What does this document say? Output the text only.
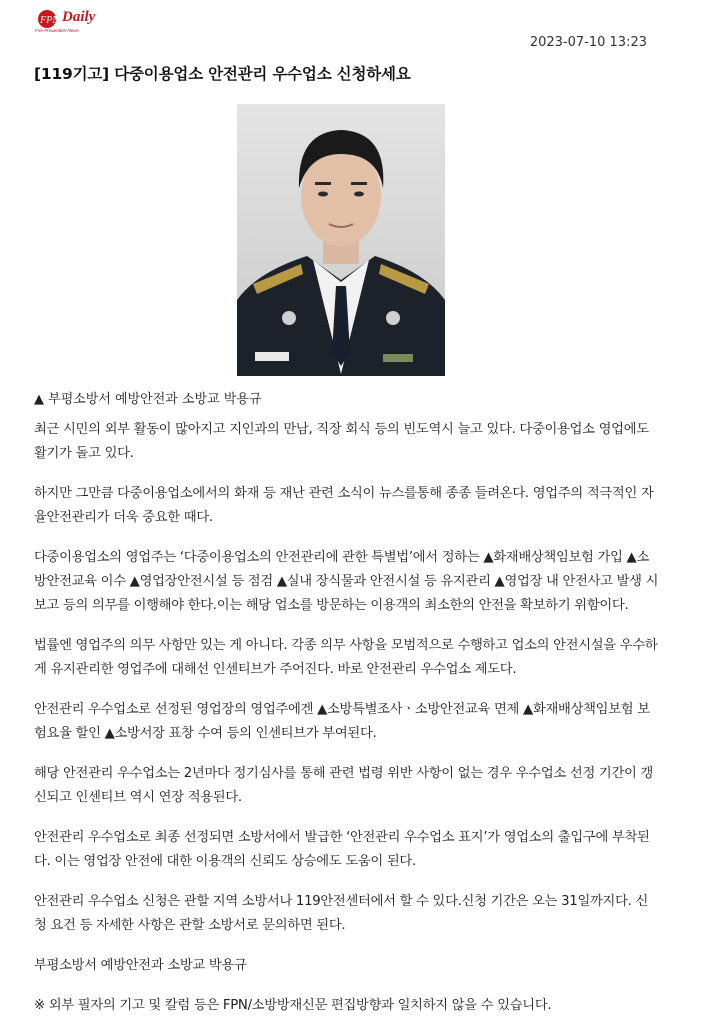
FPN Daily
Fire Prevention News
2023-07-10 13:23
[119기고] 다중이용업소 안전관리 우수업소 신청하세요
▲ 부평소방서 예방안전과 소방교 박용규

최근 시민의 외부 활동이 많아지고 지인과의 만남, 직장 회식 등의 빈도역시 늘고 있다. 다중이용업소 영업에도 활기가 돌고 있다.

하지만 그만큼 다중이용업소에서의 화재 등 재난 관련 소식이 뉴스를통해 종종 들려온다. 영업주의 적극적인 자율안전관리가 더욱 중요한 때다.

다중이용업소의 영업주는 ‘다중이용업소의 안전관리에 관한 특별법’에서 정하는 ▲화재배상책임보험 가입 ▲소방안전교육 이수 ▲영업장안전시설 등 점검 ▲실내 장식물과 안전시설 등 유지관리 ▲영업장 내 안전사고 발생 시 보고 등의 의무를 이행해야 한다.이는 해당 업소를 방문하는 이용객의 최소한의 안전을 확보하기 위함이다.

법률엔 영업주의 의무 사항만 있는 게 아니다. 각종 의무 사항을 모범적으로 수행하고 업소의 안전시설을 우수하게 유지관리한 영업주에 대해선 인센티브가 주어진다. 바로 안전관리 우수업소 제도다.

안전관리 우수업소로 선정된 영업장의 영업주에겐 ▲소방특별조사ㆍ소방안전교육 면제 ▲화재배상책임보험 보험요율 할인 ▲소방서장 표창 수여 등의 인센티브가 부여된다.

해당 안전관리 우수업소는 2년마다 정기심사를 통해 관련 법령 위반 사항이 없는 경우 우수업소 선정 기간이 갱신되고 인센티브 역시 연장 적용된다.

안전관리 우수업소로 최종 선정되면 소방서에서 발급한 ‘안전관리 우수업소 표지’가 영업소의 출입구에 부착된다. 이는 영업장 안전에 대한 이용객의 신뢰도 상승에도 도움이 된다.

안전관리 우수업소 신청은 관할 지역 소방서나 119안전센터에서 할 수 있다.신청 기간은 오는 31일까지다. 신청 요건 등 자세한 사항은 관할 소방서로 문의하면 된다.

부평소방서 예방안전과 소방교 박용규

※ 외부 필자의 기고 및 칼럼 등은 FPN/소방방재신문 편집방향과 일치하지 않을 수 있습니다.
